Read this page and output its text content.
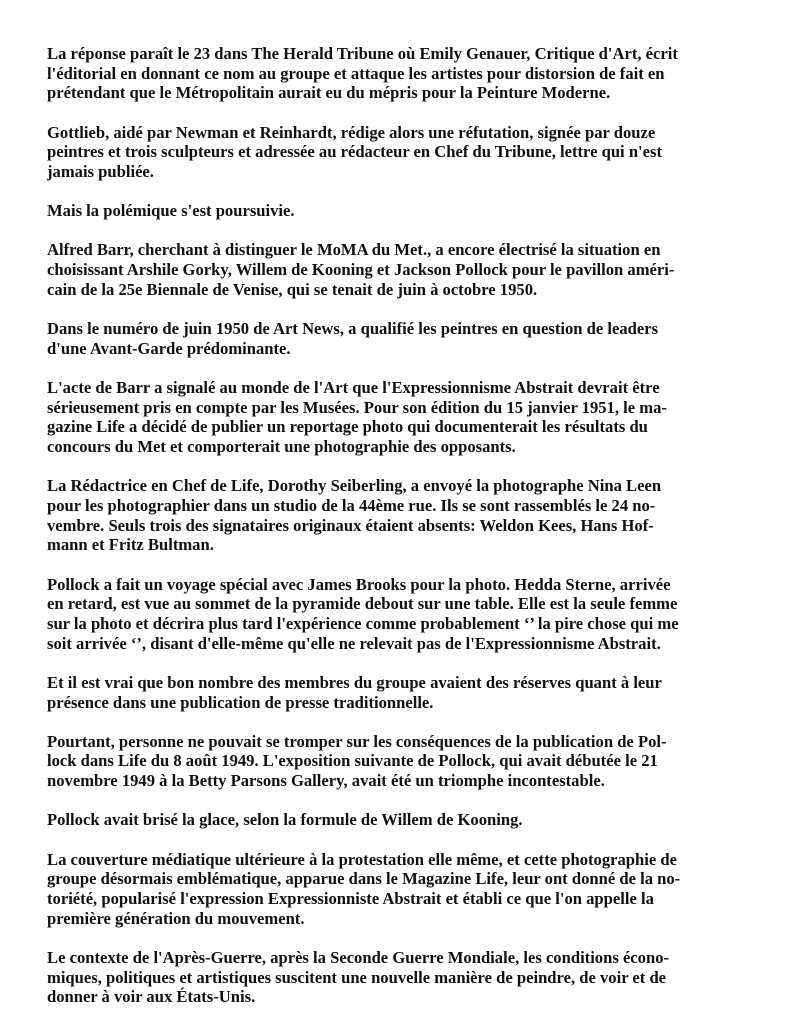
La réponse paraît le 23 dans The Herald Tribune où Emily Genauer, Critique d'Art, écrit
l'éditorial en donnant ce nom au groupe et attaque les artistes pour distorsion de fait en
prétendant que le Métropolitain aurait eu du mépris pour la Peinture Moderne.

Gottlieb, aidé par Newman et Reinhardt, rédige alors une réfutation, signée par douze
peintres et trois sculpteurs et adressée au rédacteur en Chef du Tribune, lettre qui n'est
jamais publiée.

Mais la polémique s'est poursuivie.

Alfred Barr, cherchant à distinguer le MoMA du Met., a encore électrisé la situation en
choisissant Arshile Gorky, Willem de Kooning et Jackson Pollock pour le pavillon améri-
cain de la 25e Biennale de Venise, qui se tenait de juin à octobre 1950.

Dans le numéro de juin 1950 de Art News, a qualifié les peintres en question de leaders
d'une Avant-Garde prédominante.

L'acte de Barr a signalé au monde de l'Art que l'Expressionnisme Abstrait devrait être
sérieusement pris en compte par les Musées. Pour son édition du 15 janvier 1951, le ma-
gazine Life a décidé de publier un reportage photo qui documenterait les résultats du
concours du Met et comporterait une photographie des opposants.

La Rédactrice en Chef de Life, Dorothy Seiberling, a envoyé la photographe Nina Leen
pour les photographier dans un studio de la 44ème rue. Ils se sont rassemblés le 24 no-
vembre. Seuls trois des signataires originaux étaient absents: Weldon Kees, Hans Hof-
mann et Fritz Bultman.

Pollock a fait un voyage spécial avec James Brooks pour la photo. Hedda Sterne, arrivée
en retard, est vue au sommet de la pyramide debout sur une table. Elle est la seule femme
sur la photo et décrira plus tard l'expérience comme probablement ‘’ la pire chose qui me
soit arrivée ‘’, disant d'elle-même qu'elle ne relevait pas de l'Expressionnisme Abstrait.

Et il est vrai que bon nombre des membres du groupe avaient des réserves quant à leur
présence dans une publication de presse traditionnelle.

Pourtant, personne ne pouvait se tromper sur les conséquences de la publication de Pol-
lock dans Life du 8 août 1949. L'exposition suivante de Pollock, qui avait débutée le 21
novembre 1949 à la Betty Parsons Gallery, avait été un triomphe incontestable.

Pollock avait brisé la glace, selon la formule de Willem de Kooning.

La couverture médiatique ultérieure à la protestation elle même, et cette photographie de
groupe désormais emblématique, apparue dans le Magazine Life, leur ont donné de la no-
toriété, popularisé l'expression Expressionniste Abstrait et établi ce que l'on appelle la
première génération du mouvement.

Le contexte de l'Après-Guerre, après la Seconde Guerre Mondiale, les conditions écono-
miques, politiques et artistiques suscitent une nouvelle manière de peindre, de voir et de
donner à voir aux États-Unis.
